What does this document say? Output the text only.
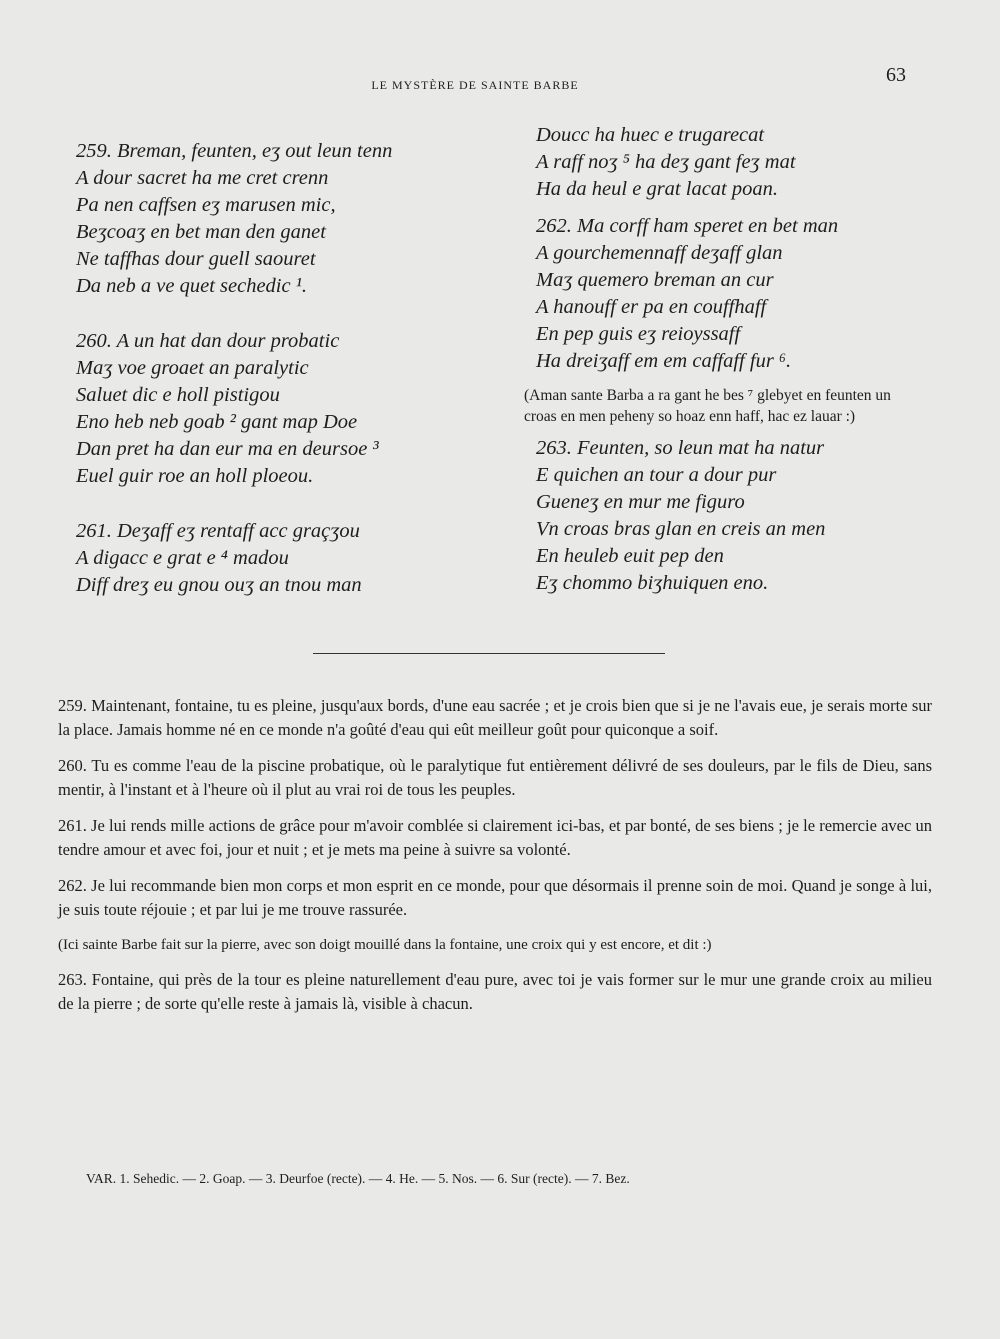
LE MYSTÈRE DE SAINTE BARBE	63
259. Breman, feunten, eʒ out leun tenn
A dour sacret ha me cret crenn
Pa nen caffsen eʒ marusen mic,
Beʒcoaʒ en bet man den ganet
Ne taffhas dour guell saouret
Da neb a ve quet sechedic ¹.
260. A un hat dan dour probatic
Maʒ voe groaet an paralytic
Saluet dic e holl pistigou
Eno heb neb goab ² gant map Doe
Dan pret ha dan eur ma en deursoe ³
Euel guir roe an holl ploeou.
261. Deʒaff eʒ rentaff acc graçʒou
A digacc e grat e ⁴ madou
Diff dreʒ eu gnou ouʒ an tnou man
Doucc ha huec e trugarecat
A raff noʒ ⁵ ha deʒ gant feʒ mat
Ha da heul e grat lacat poan.
262. Ma corff ham speret en bet man
A gourchemennaff deʒaff glan
Maʒ quemero breman an cur
A hanouff er pa en couffhaff
En pep guis eʒ reioyssaff
Ha dreiʒaff em em caffaff fur ⁶.
(Aman sante Barba a ra gant he bes ⁷ glebyet en feunten un croas en men peheny so hoaz enn haff, hac ez lauar :)
263. Feunten, so leun mat ha natur
E quichen an tour a dour pur
Gueneʒ en mur me figuro
Vn croas bras glan en creis an men
En heuleb euit pep den
Eʒ chommo biʒhuiquen eno.

259. Maintenant, fontaine, tu es pleine, jusqu'aux bords, d'une eau sacrée ; et je crois bien que si je ne l'avais eue, je serais morte sur la place. Jamais homme né en ce monde n'a goûté d'eau qui eût meilleur goût pour quiconque a soif.

260. Tu es comme l'eau de la piscine probatique, où le paralytique fut entièrement délivré de ses douleurs, par le fils de Dieu, sans mentir, à l'instant et à l'heure où il plut au vrai roi de tous les peuples.

261. Je lui rends mille actions de grâce pour m'avoir comblée si clairement ici-bas, et par bonté, de ses biens ; je le remercie avec un tendre amour et avec foi, jour et nuit ; et je mets ma peine à suivre sa volonté.

262. Je lui recommande bien mon corps et mon esprit en ce monde, pour que désormais il prenne soin de moi. Quand je songe à lui, je suis toute réjouie ; et par lui je me trouve rassurée.

(Ici sainte Barbe fait sur la pierre, avec son doigt mouillé dans la fontaine, une croix qui y est encore, et dit :)

263. Fontaine, qui près de la tour es pleine naturellement d'eau pure, avec toi je vais former sur le mur une grande croix au milieu de la pierre ; de sorte qu'elle reste à jamais là, visible à chacun.

VAR. 1. Sehedic. — 2. Goap. — 3. Deurfoe (recte). — 4. He. — 5. Nos. — 6. Sur (recte). — 7. Bez.
